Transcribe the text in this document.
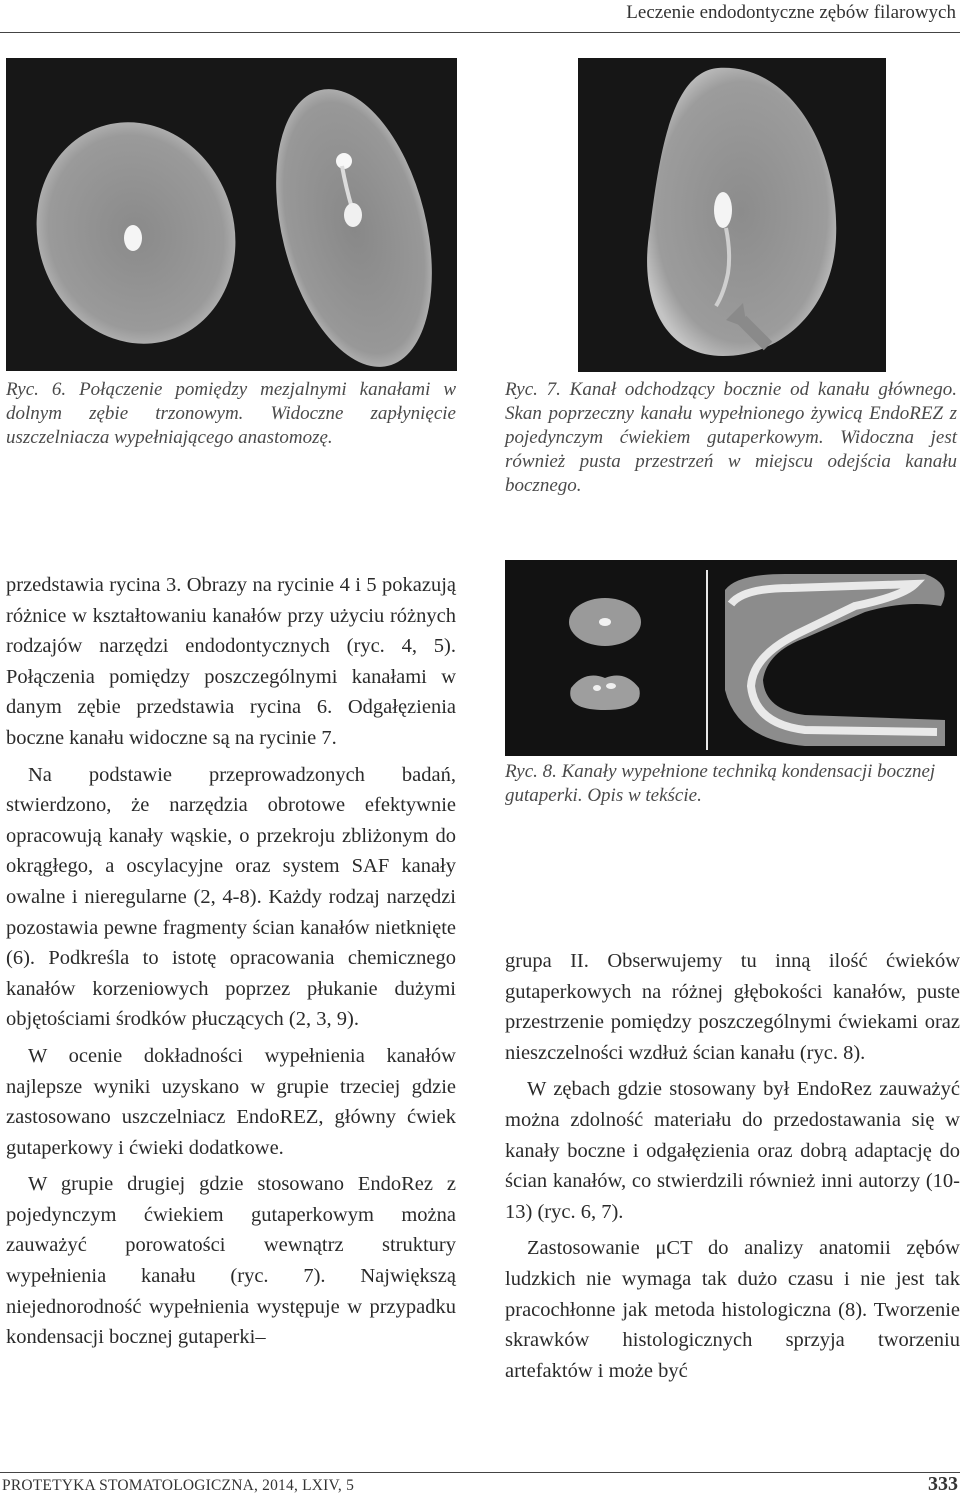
Leczenie endodontyczne zębów filarowych

Ryc. 6. Połączenie pomiędzy mezjalnymi kanałami w dolnym zębie trzonowym. Widoczne zapłynięcie uszczelniacza wypełniającego anastomozę.

Ryc. 7. Kanał odchodzący bocznie od kanału głównego. Skan poprzeczny kanału wypełnionego żywicą EndoREZ z pojedynczym ćwiekiem gutaperkowym. Widoczna jest również pusta przestrzeń w miejscu odejścia kanału bocznego.

Ryc. 8. Kanały wypełnione techniką kondensacji bocznej gutaperki. Opis w tekście.

przedstawia rycina 3. Obrazy na rycinie 4 i 5 pokazują różnice w kształtowaniu kanałów przy użyciu różnych rodzajów narzędzi endodontycznych (ryc. 4, 5). Połączenia pomiędzy poszczególnymi kanałami w danym zębie przedstawia rycina 6. Odgałęzienia boczne kanału widoczne są na rycinie 7.

Na podstawie przeprowadzonych badań, stwierdzono, że narzędzia obrotowe efektywnie opracowują kanały wąskie, o przekroju zbliżonym do okrągłego, a oscylacyjne oraz system SAF kanały owalne i nieregularne (2, 4-8). Każdy rodzaj narzędzi pozostawia pewne fragmenty ścian kanałów nietknięte (6). Podkreśla to istotę opracowania chemicznego kanałów korzeniowych poprzez płukanie dużymi objętościami środków płuczących (2, 3, 9).

W ocenie dokładności wypełnienia kanałów najlepsze wyniki uzyskano w grupie trzeciej gdzie zastosowano uszczelniacz EndoREZ, główny ćwiek gutaperkowy i ćwieki dodatkowe.

W grupie drugiej gdzie stosowano EndoRez z pojedynczym ćwiekiem gutaperkowym można zauważyć porowatości wewnątrz struktury wypełnienia kanału (ryc. 7). Największą niejednorodność wypełnienia występuje w przypadku kondensacji bocznej gutaperki–

grupa II. Obserwujemy tu inną ilość ćwieków gutaperkowych na różnej głębokości kanałów, puste przestrzenie pomiędzy poszczególnymi ćwiekami oraz nieszczelności wzdłuż ścian kanału (ryc. 8).

W zębach gdzie stosowany był EndoRez zauważyć można zdolność materiału do przedostawania się w kanały boczne i odgałęzienia oraz dobrą adaptację do ścian kanałów, co stwierdzili również inni autorzy (10-13) (ryc. 6, 7).

Zastosowanie μCT do analizy anatomii zębów ludzkich nie wymaga tak dużo czasu i nie jest tak pracochłonne jak metoda histologiczna (8). Tworzenie skrawków histologicznych sprzyja tworzeniu artefaktów i może być

PROTETYKA STOMATOLOGICZNA, 2014, LXIV, 5	333
